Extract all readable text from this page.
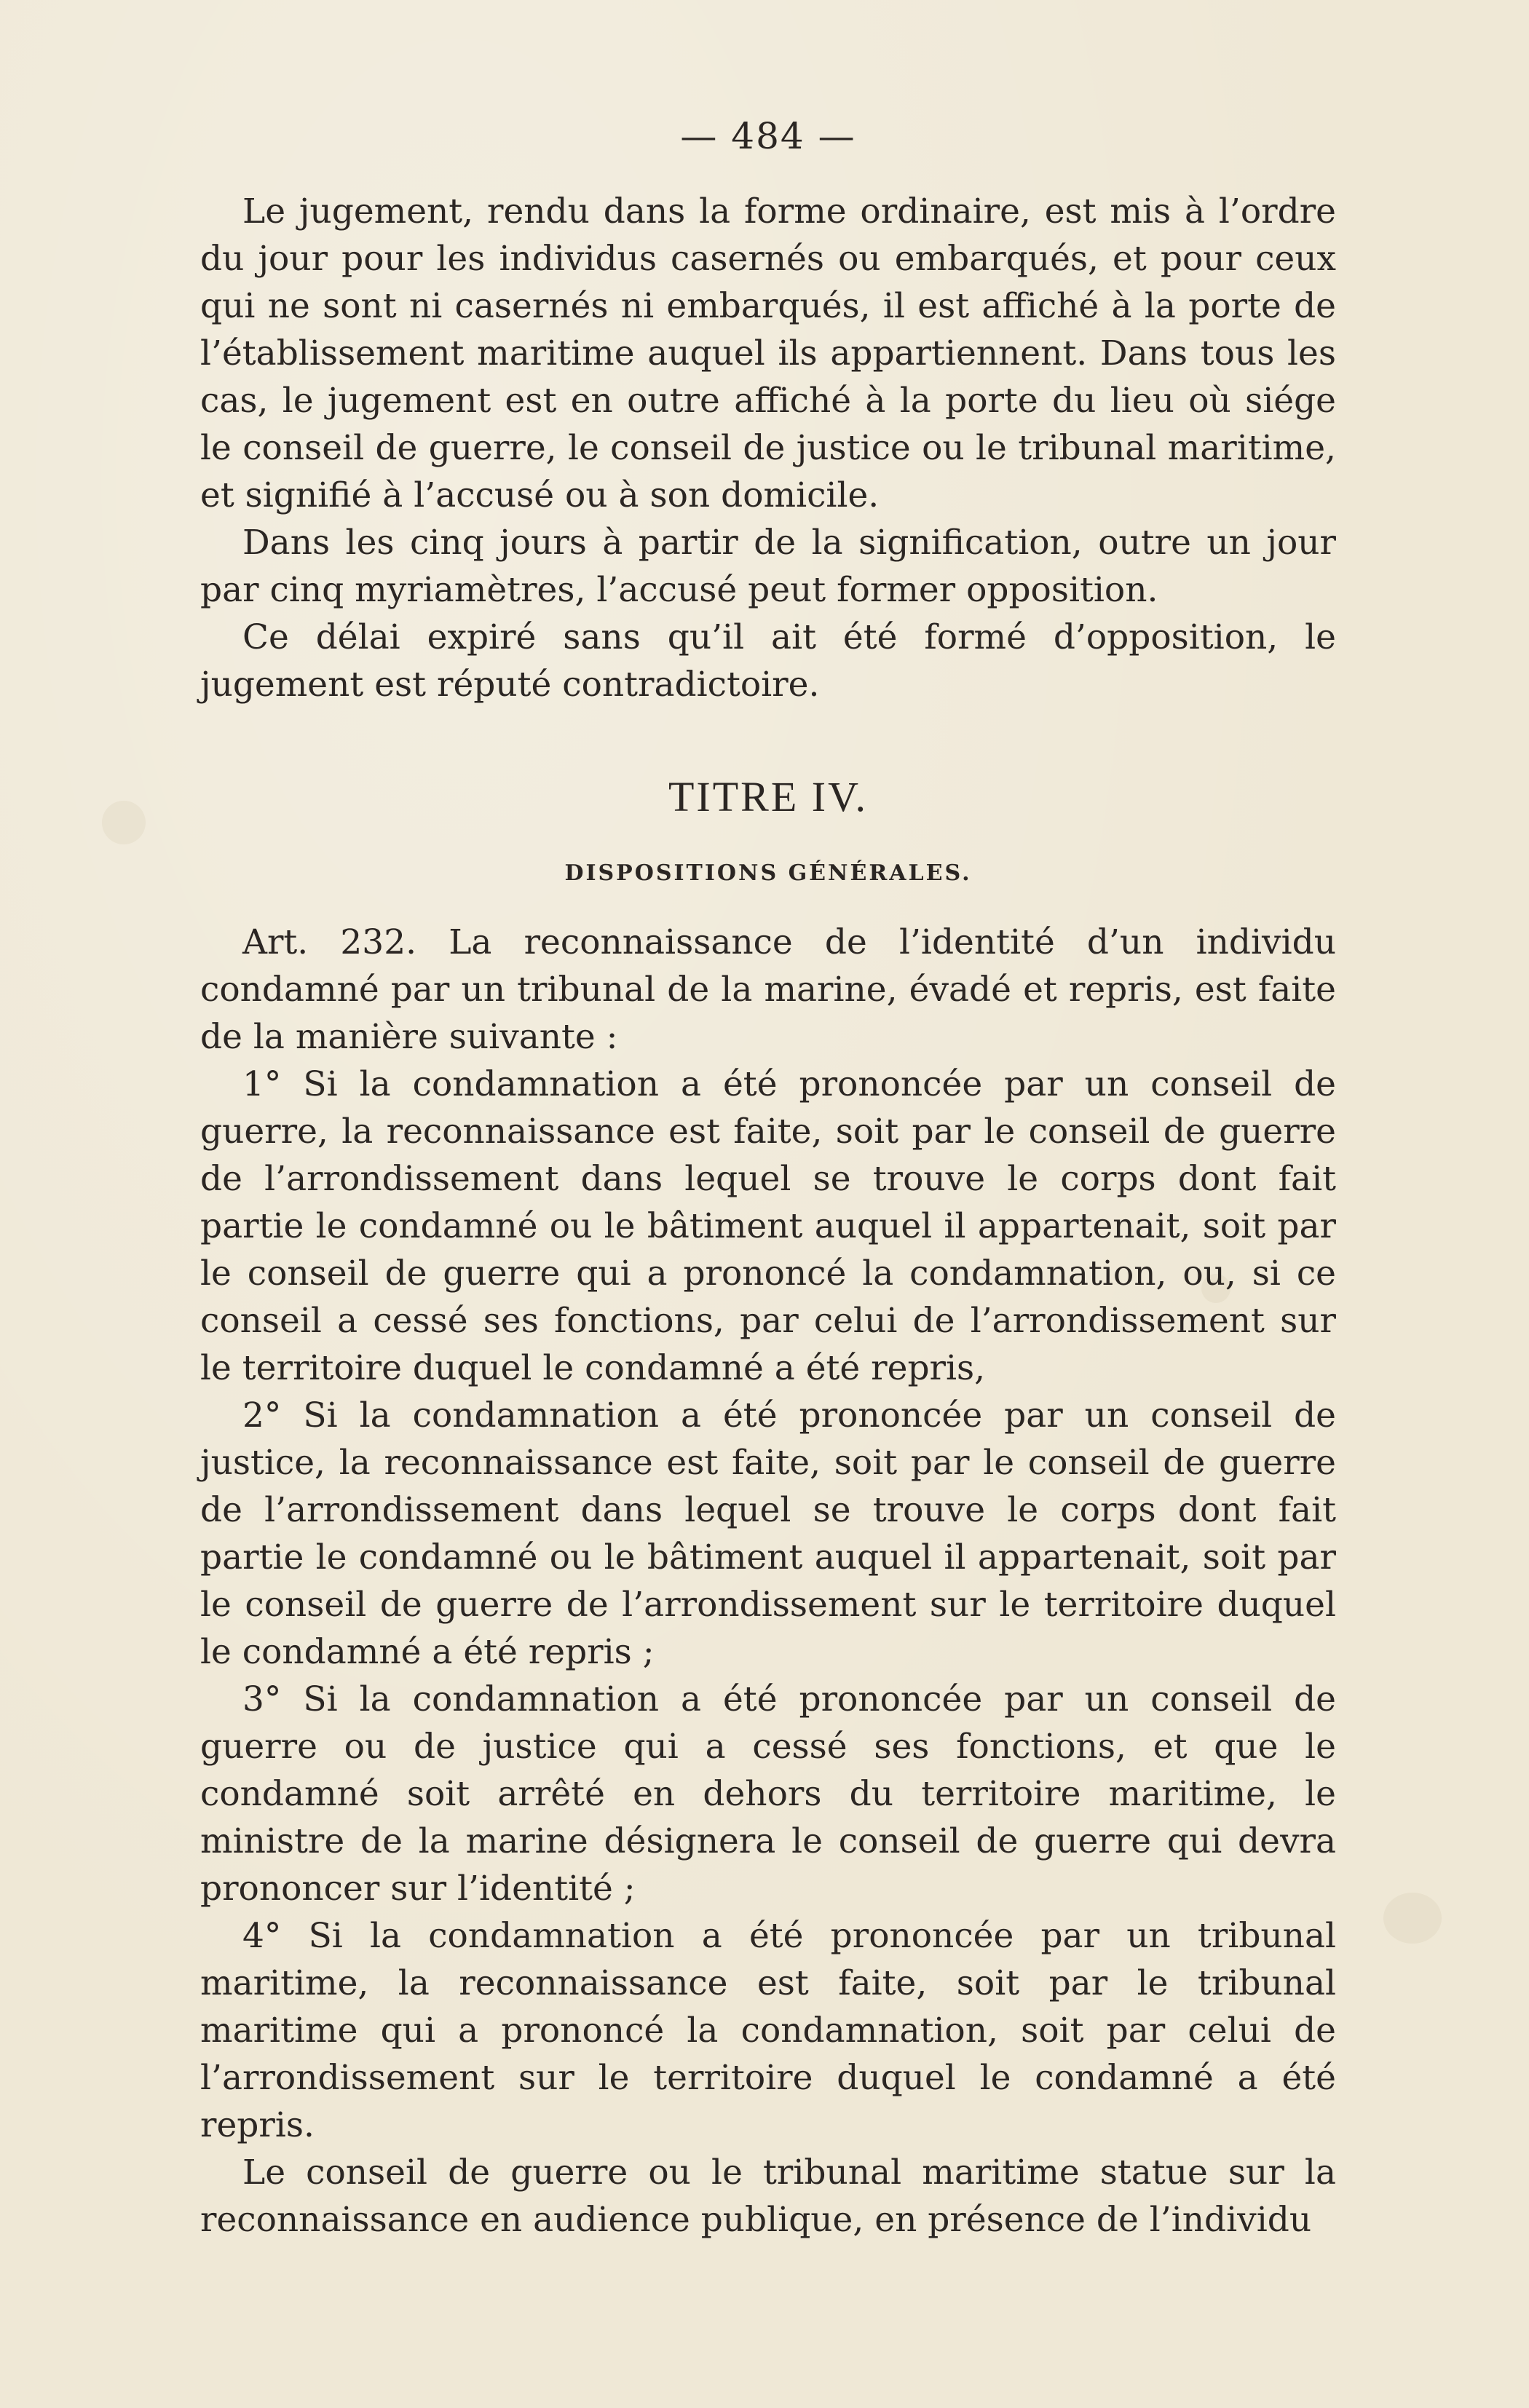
— 484 —

Le jugement, rendu dans la forme ordinaire, est mis à l’ordre du jour pour les individus casernés ou embarqués, et pour ceux qui ne sont ni casernés ni embarqués, il est affiché à la porte de l’établissement maritime auquel ils appartiennent. Dans tous les cas, le jugement est en outre affiché à la porte du lieu où siége le conseil de guerre, le conseil de justice ou le tribunal maritime, et signifié à l’accusé ou à son domicile.

Dans les cinq jours à partir de la signification, outre un jour par cinq myriamètres, l’accusé peut former opposition.

Ce délai expiré sans qu’il ait été formé d’opposition, le jugement est réputé contradictoire.

TITRE IV.
DISPOSITIONS GÉNÉRALES.

Art. 232. La reconnaissance de l’identité d’un individu condamné par un tribunal de la marine, évadé et repris, est faite de la manière suivante :

1° Si la condamnation a été prononcée par un conseil de guerre, la reconnaissance est faite, soit par le conseil de guerre de l’arrondissement dans lequel se trouve le corps dont fait partie le condamné ou le bâtiment auquel il appartenait, soit par le conseil de guerre qui a prononcé la condamnation, ou, si ce conseil a cessé ses fonctions, par celui de l’arrondissement sur le territoire duquel le condamné a été repris,

2° Si la condamnation a été prononcée par un conseil de justice, la reconnaissance est faite, soit par le conseil de guerre de l’arrondissement dans lequel se trouve le corps dont fait partie le condamné ou le bâtiment auquel il appartenait, soit par le conseil de guerre de l’arrondissement sur le territoire duquel le condamné a été repris ;

3° Si la condamnation a été prononcée par un conseil de guerre ou de justice qui a cessé ses fonctions, et que le condamné soit arrêté en dehors du territoire maritime, le ministre de la marine désignera le conseil de guerre qui devra prononcer sur l’identité ;

4° Si la condamnation a été prononcée par un tribunal maritime, la reconnaissance est faite, soit par le tribunal maritime qui a prononcé la condamnation, soit par celui de l’arrondissement sur le territoire duquel le condamné a été repris.

Le conseil de guerre ou le tribunal maritime statue sur la reconnaissance en audience publique, en présence de l’individu
